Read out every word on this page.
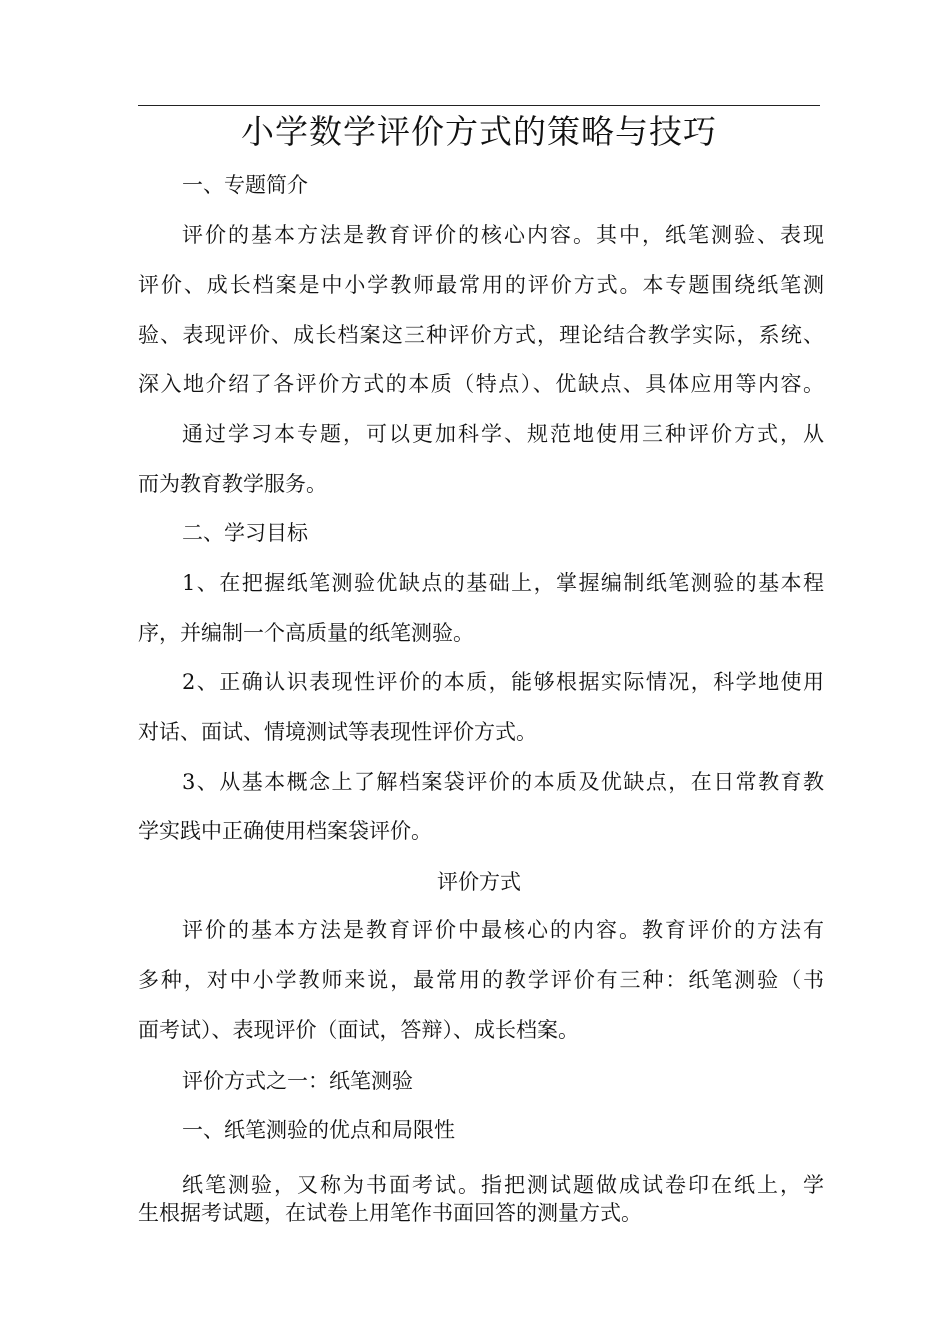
小学数学评价方式的策略与技巧
一、专题简介
评价的基本方法是教育评价的核心内容。其中，纸笔测验、表现
评价、成长档案是中小学教师最常用的评价方式。本专题围绕纸笔测
验、表现评价、成长档案这三种评价方式，理论结合教学实际，系统、
深入地介绍了各评价方式的本质（特点）、优缺点、具体应用等内容。
通过学习本专题，可以更加科学、规范地使用三种评价方式，从
而为教育教学服务。
二、学习目标
1、在把握纸笔测验优缺点的基础上，掌握编制纸笔测验的基本程
序，并编制一个高质量的纸笔测验。
2、正确认识表现性评价的本质，能够根据实际情况，科学地使用
对话、面试、情境测试等表现性评价方式。
3、从基本概念上了解档案袋评价的本质及优缺点，在日常教育教
学实践中正确使用档案袋评价。
评价方式
评价的基本方法是教育评价中最核心的内容。教育评价的方法有
多种，对中小学教师来说，最常用的教学评价有三种：纸笔测验（书
面考试）、表现评价（面试，答辩）、成长档案。
评价方式之一：纸笔测验
一、纸笔测验的优点和局限性
纸笔测验，又称为书面考试。指把测试题做成试卷印在纸上，学
生根据考试题，在试卷上用笔作书面回答的测量方式。
